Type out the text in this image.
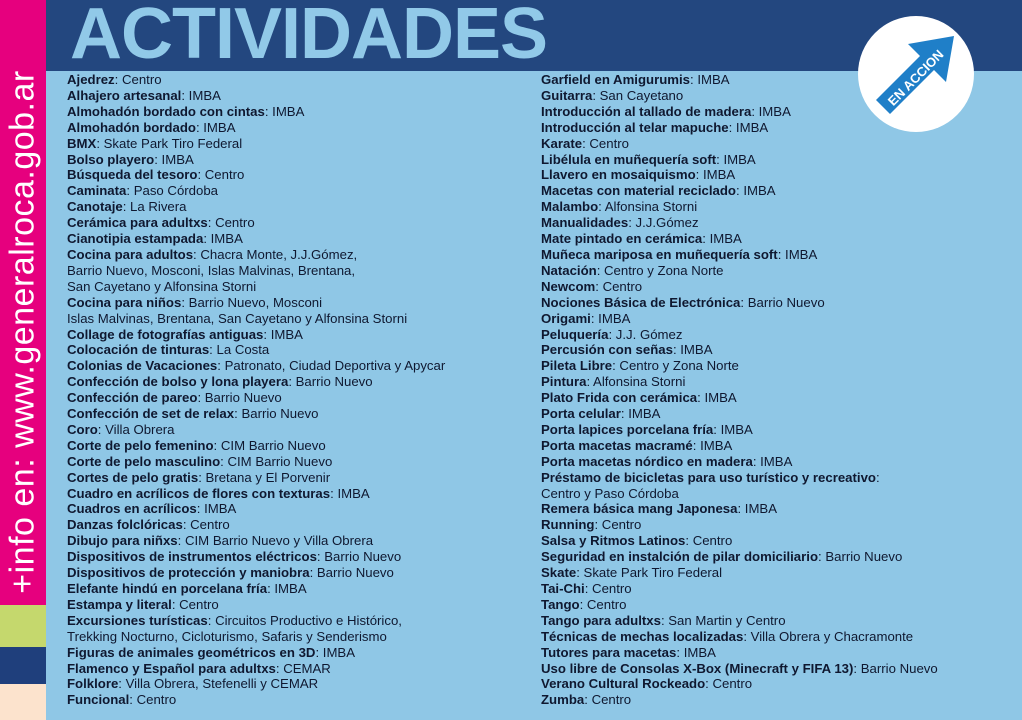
+info en: www.generalroca.gob.ar
ACTIVIDADES
EN ACCION
Ajedrez: Centro
Alhajero artesanal: IMBA
Almohadón bordado con cintas: IMBA
Almohadón bordado: IMBA
BMX: Skate Park Tiro Federal
Bolso playero: IMBA
Búsqueda del tesoro: Centro
Caminata: Paso Córdoba
Canotaje: La Rivera
Cerámica para adultxs: Centro
Cianotipia estampada: IMBA
Cocina para adultos: Chacra Monte, J.J.Gómez,
Barrio Nuevo, Mosconi, Islas Malvinas, Brentana,
San Cayetano y Alfonsina Storni
Cocina para niños: Barrio Nuevo, Mosconi
Islas Malvinas, Brentana, San Cayetano y Alfonsina Storni
Collage de fotografías antiguas: IMBA
Colocación de tinturas: La Costa
Colonias de Vacaciones: Patronato, Ciudad Deportiva y Apycar
Confección de bolso y lona playera: Barrio Nuevo
Confección de pareo: Barrio Nuevo
Confección de set de relax: Barrio Nuevo
Coro: Villa Obrera
Corte de pelo femenino: CIM Barrio Nuevo
Corte de pelo masculino: CIM Barrio Nuevo
Cortes de pelo gratis: Bretana y El Porvenir
Cuadro en acrílicos de flores con texturas: IMBA
Cuadros en acrílicos: IMBA
Danzas folclóricas: Centro
Dibujo para niñxs: CIM Barrio Nuevo y Villa Obrera
Dispositivos de instrumentos eléctricos: Barrio Nuevo
Dispositivos de protección y maniobra: Barrio Nuevo
Elefante hindú en porcelana fría: IMBA
Estampa y literal: Centro
Excursiones turísticas: Circuitos Productivo e Histórico,
Trekking Nocturno, Cicloturismo, Safaris y Senderismo
Figuras de animales geométricos en 3D: IMBA
Flamenco y Español para adultxs: CEMAR
Folklore: Villa Obrera, Stefenelli y CEMAR
Funcional: Centro
Garfield en Amigurumis: IMBA
Guitarra: San Cayetano
Introducción al tallado de madera: IMBA
Introducción al telar mapuche: IMBA
Karate: Centro
Libélula en muñequería soft: IMBA
Llavero en mosaiquismo: IMBA
Macetas con material reciclado: IMBA
Malambo: Alfonsina Storni
Manualidades: J.J.Gómez
Mate pintado en cerámica: IMBA
Muñeca mariposa en muñequería soft: IMBA
Natación: Centro y Zona Norte
Newcom: Centro
Nociones Básica de Electrónica: Barrio Nuevo
Origami: IMBA
Peluquería: J.J. Gómez
Percusión con señas: IMBA
Pileta Libre: Centro y Zona Norte
Pintura: Alfonsina Storni
Plato Frida con cerámica: IMBA
Porta celular: IMBA
Porta lapices porcelana fría: IMBA
Porta macetas macramé: IMBA
Porta macetas nórdico en madera: IMBA
Préstamo de bicicletas para uso turístico y recreativo:
Centro y Paso Córdoba
Remera básica mang Japonesa: IMBA
Running: Centro
Salsa y Ritmos Latinos: Centro
Seguridad en instalción de pilar domiciliario: Barrio Nuevo
Skate: Skate Park Tiro Federal
Tai-Chi: Centro
Tango: Centro
Tango para adultxs: San Martin y Centro
Técnicas de mechas localizadas: Villa Obrera y Chacramonte
Tutores para macetas: IMBA
Uso libre de Consolas X-Box (Minecraft y FIFA 13): Barrio Nuevo
Verano Cultural Rockeado: Centro
Zumba: Centro
